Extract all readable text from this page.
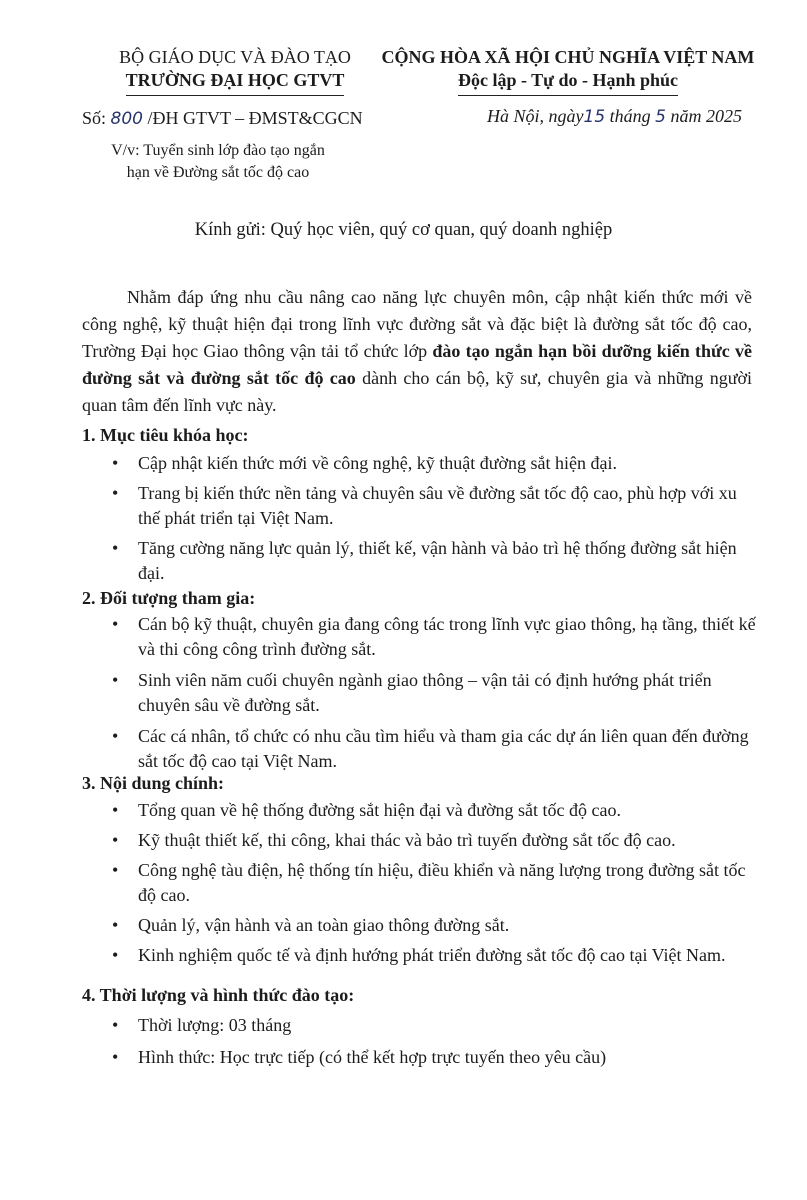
BỘ GIÁO DỤC VÀ ĐÀO TẠO
TRƯỜNG ĐẠI HỌC GTVT
CỘNG HÒA XÃ HỘI CHỦ NGHĨA VIỆT NAM
Độc lập - Tự do - Hạnh phúc
Số: 800 /ĐH GTVT – ĐMST&CGCN	Hà Nội, ngày15 tháng 5 năm 2025
V/v: Tuyển sinh lớp đào tạo ngắn hạn về Đường sắt tốc độ cao
Kính gửi: Quý học viên, quý cơ quan, quý doanh nghiệp
Nhằm đáp ứng nhu cầu nâng cao năng lực chuyên môn, cập nhật kiến thức mới về công nghệ, kỹ thuật hiện đại trong lĩnh vực đường sắt và đặc biệt là đường sắt tốc độ cao, Trường Đại học Giao thông vận tải tổ chức lớp đào tạo ngắn hạn bồi dưỡng kiến thức về đường sắt và đường sắt tốc độ cao dành cho cán bộ, kỹ sư, chuyên gia và những người quan tâm đến lĩnh vực này.
1. Mục tiêu khóa học:
• Cập nhật kiến thức mới về công nghệ, kỹ thuật đường sắt hiện đại.
• Trang bị kiến thức nền tảng và chuyên sâu về đường sắt tốc độ cao, phù hợp với xu thế phát triển tại Việt Nam.
• Tăng cường năng lực quản lý, thiết kế, vận hành và bảo trì hệ thống đường sắt hiện đại.
2. Đối tượng tham gia:
• Cán bộ kỹ thuật, chuyên gia đang công tác trong lĩnh vực giao thông, hạ tầng, thiết kế và thi công công trình đường sắt.
• Sinh viên năm cuối chuyên ngành giao thông – vận tải có định hướng phát triển chuyên sâu về đường sắt.
• Các cá nhân, tổ chức có nhu cầu tìm hiểu và tham gia các dự án liên quan đến đường sắt tốc độ cao tại Việt Nam.
3. Nội dung chính:
• Tổng quan về hệ thống đường sắt hiện đại và đường sắt tốc độ cao.
• Kỹ thuật thiết kế, thi công, khai thác và bảo trì tuyến đường sắt tốc độ cao.
• Công nghệ tàu điện, hệ thống tín hiệu, điều khiển và năng lượng trong đường sắt tốc độ cao.
• Quản lý, vận hành và an toàn giao thông đường sắt.
• Kinh nghiệm quốc tế và định hướng phát triển đường sắt tốc độ cao tại Việt Nam.
4. Thời lượng và hình thức đào tạo:
• Thời lượng: 03 tháng
• Hình thức: Học trực tiếp (có thể kết hợp trực tuyến theo yêu cầu)
